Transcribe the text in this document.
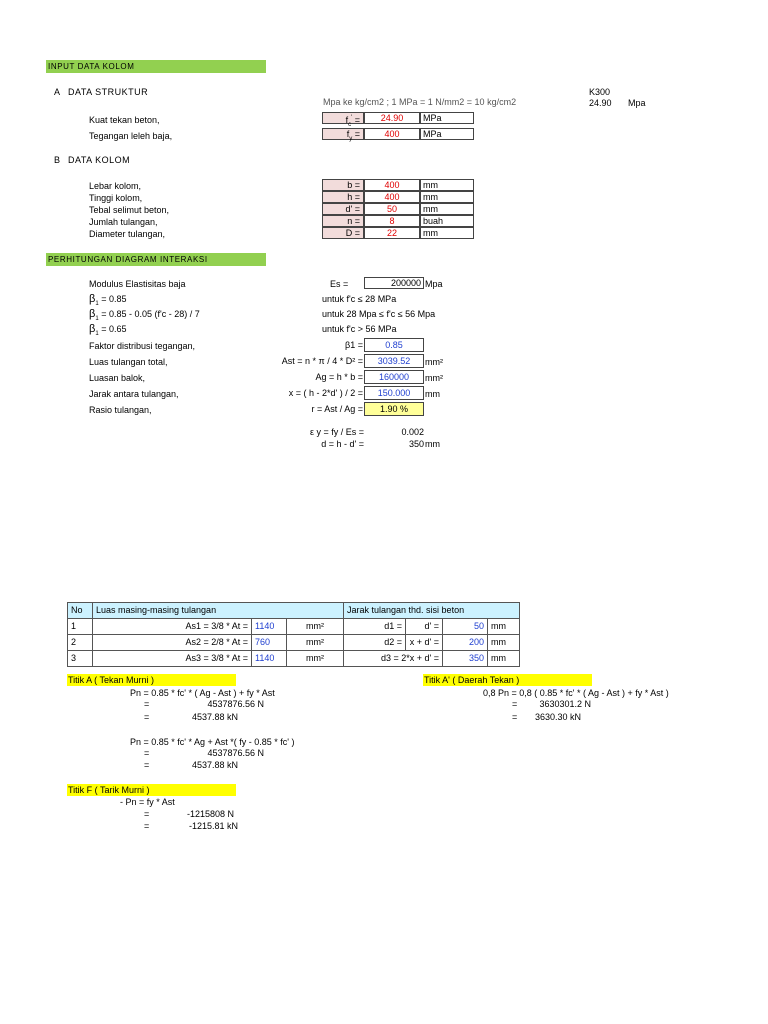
INPUT DATA KOLOM
A DATA STRUKTUR	K300
24.90 Mpa
Mpa ke kg/cm2 ; 1 MPa = 1 N/mm2 = 10 kg/cm2
Kuat tekan beton,	$f_c'$ =	24.90	MPa
Tegangan leleh baja,	$f_y$ =	400	MPa
B DATA KOLOM
Lebar kolom,	b =	400	mm
Tinggi kolom,	h =	400	mm
Tebal selimut beton,	d' =	50	mm
Jumlah tulangan,	n =	8	buah
Diameter tulangan,	D =	22	mm
PERHITUNGAN DIAGRAM INTERAKSI
Modulus Elastisitas baja	Es =	200000 Mpa
$\beta_1 = 0.85$	untuk f'c ≤ 28 MPa
$\beta_1 = 0.85 - 0.05$ (f'c - 28) / 7	untuk 28 Mpa ≤ f'c ≤ 56 Mpa
$\beta_1 = 0.65$	untuk f'c > 56 MPa
Faktor distribusi tegangan,	β1 =	0.85
Luas tulangan total,	Ast = n * π / 4 * D² =	3039.52	mm²
Luasan balok,	Ag = h * b =	160000	mm²
Jarak antara tulangan,	x = ( h - 2*d' ) / 2 =	150.000	mm
Rasio tulangan,	r = Ast / Ag =	1.90 %
ε y = fy / Es =	0.002
d = h - d' =	350 mm
No	Luas masing-masing tulangan			Jarak tulangan thd. sisi beton			
1	As1 = 3/8 * At =	1140	mm²	d1 =	d' =	50	mm
2	As2 = 2/8 * At =	760	mm²	d2 =	x + d' =	200	mm
3	As3 = 3/8 * At =	1140	mm²	d3 = 2*x + d' =		350	mm
Titik A ( Tekan Murni )
Pn = 0.85 * fc' * ( Ag - Ast ) + fy * Ast
=	4537876.56 N
=	4537.88 kN
Pn = 0.85 * fc' * Ag + Ast *( fy - 0.85 * fc' )
=	4537876.56 N
=	4537.88 kN
Titik A' ( Daerah Tekan )
0,8 Pn = 0,8 ( 0.85 * fc' * ( Ag - Ast ) + fy * Ast )
=	3630301.2 N
=	3630.30 kN
Titik F ( Tarik Murni )
- Pn = fy * Ast
=	-1215808 N
=	-1215.81 kN
